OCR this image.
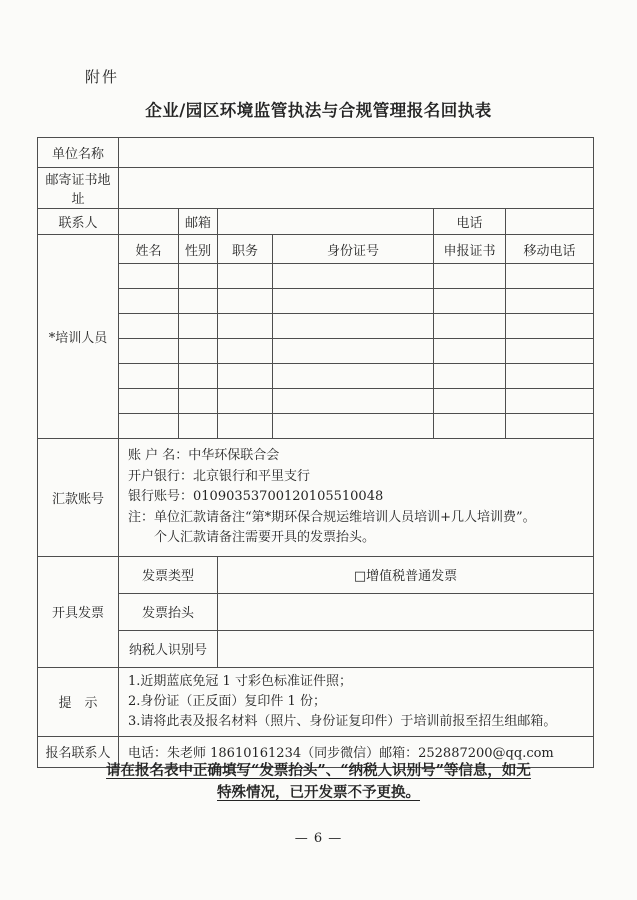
附件
企业/园区环境监管执法与合规管理报名回执表
单位名称						
邮寄证书地址						
联系人		邮箱			电话	
*培训人员	姓名	性别	职务	身份证号	申报证书	移动电话

汇款账号	账 户 名：中华环保联合会
开户银行：北京银行和平里支行
银行账号：01090353700120105510048
注：单位汇款请备注“第*期环保合规运维培训人员培训+几人培训费”。
　　个人汇款请备注需要开具的发票抬头。					

开具发票	发票类型		□增值税普通发票			
	发票抬头					
	纳税人识别号					
提　示	1.近期蓝底免冠 1 寸彩色标准证件照；
2.身份证（正反面）复印件 1 份；
3.请将此表及报名材料（照片、身份证复印件）于培训前报至招生组邮箱。					

报名联系人	电话：朱老师 18610161234（同步微信）邮箱：252887200@qq.com					
请在报名表中正确填写“发票抬头”、“纳税人识别号”等信息，如无
特殊情况，已开发票不予更换。
— 6 —
